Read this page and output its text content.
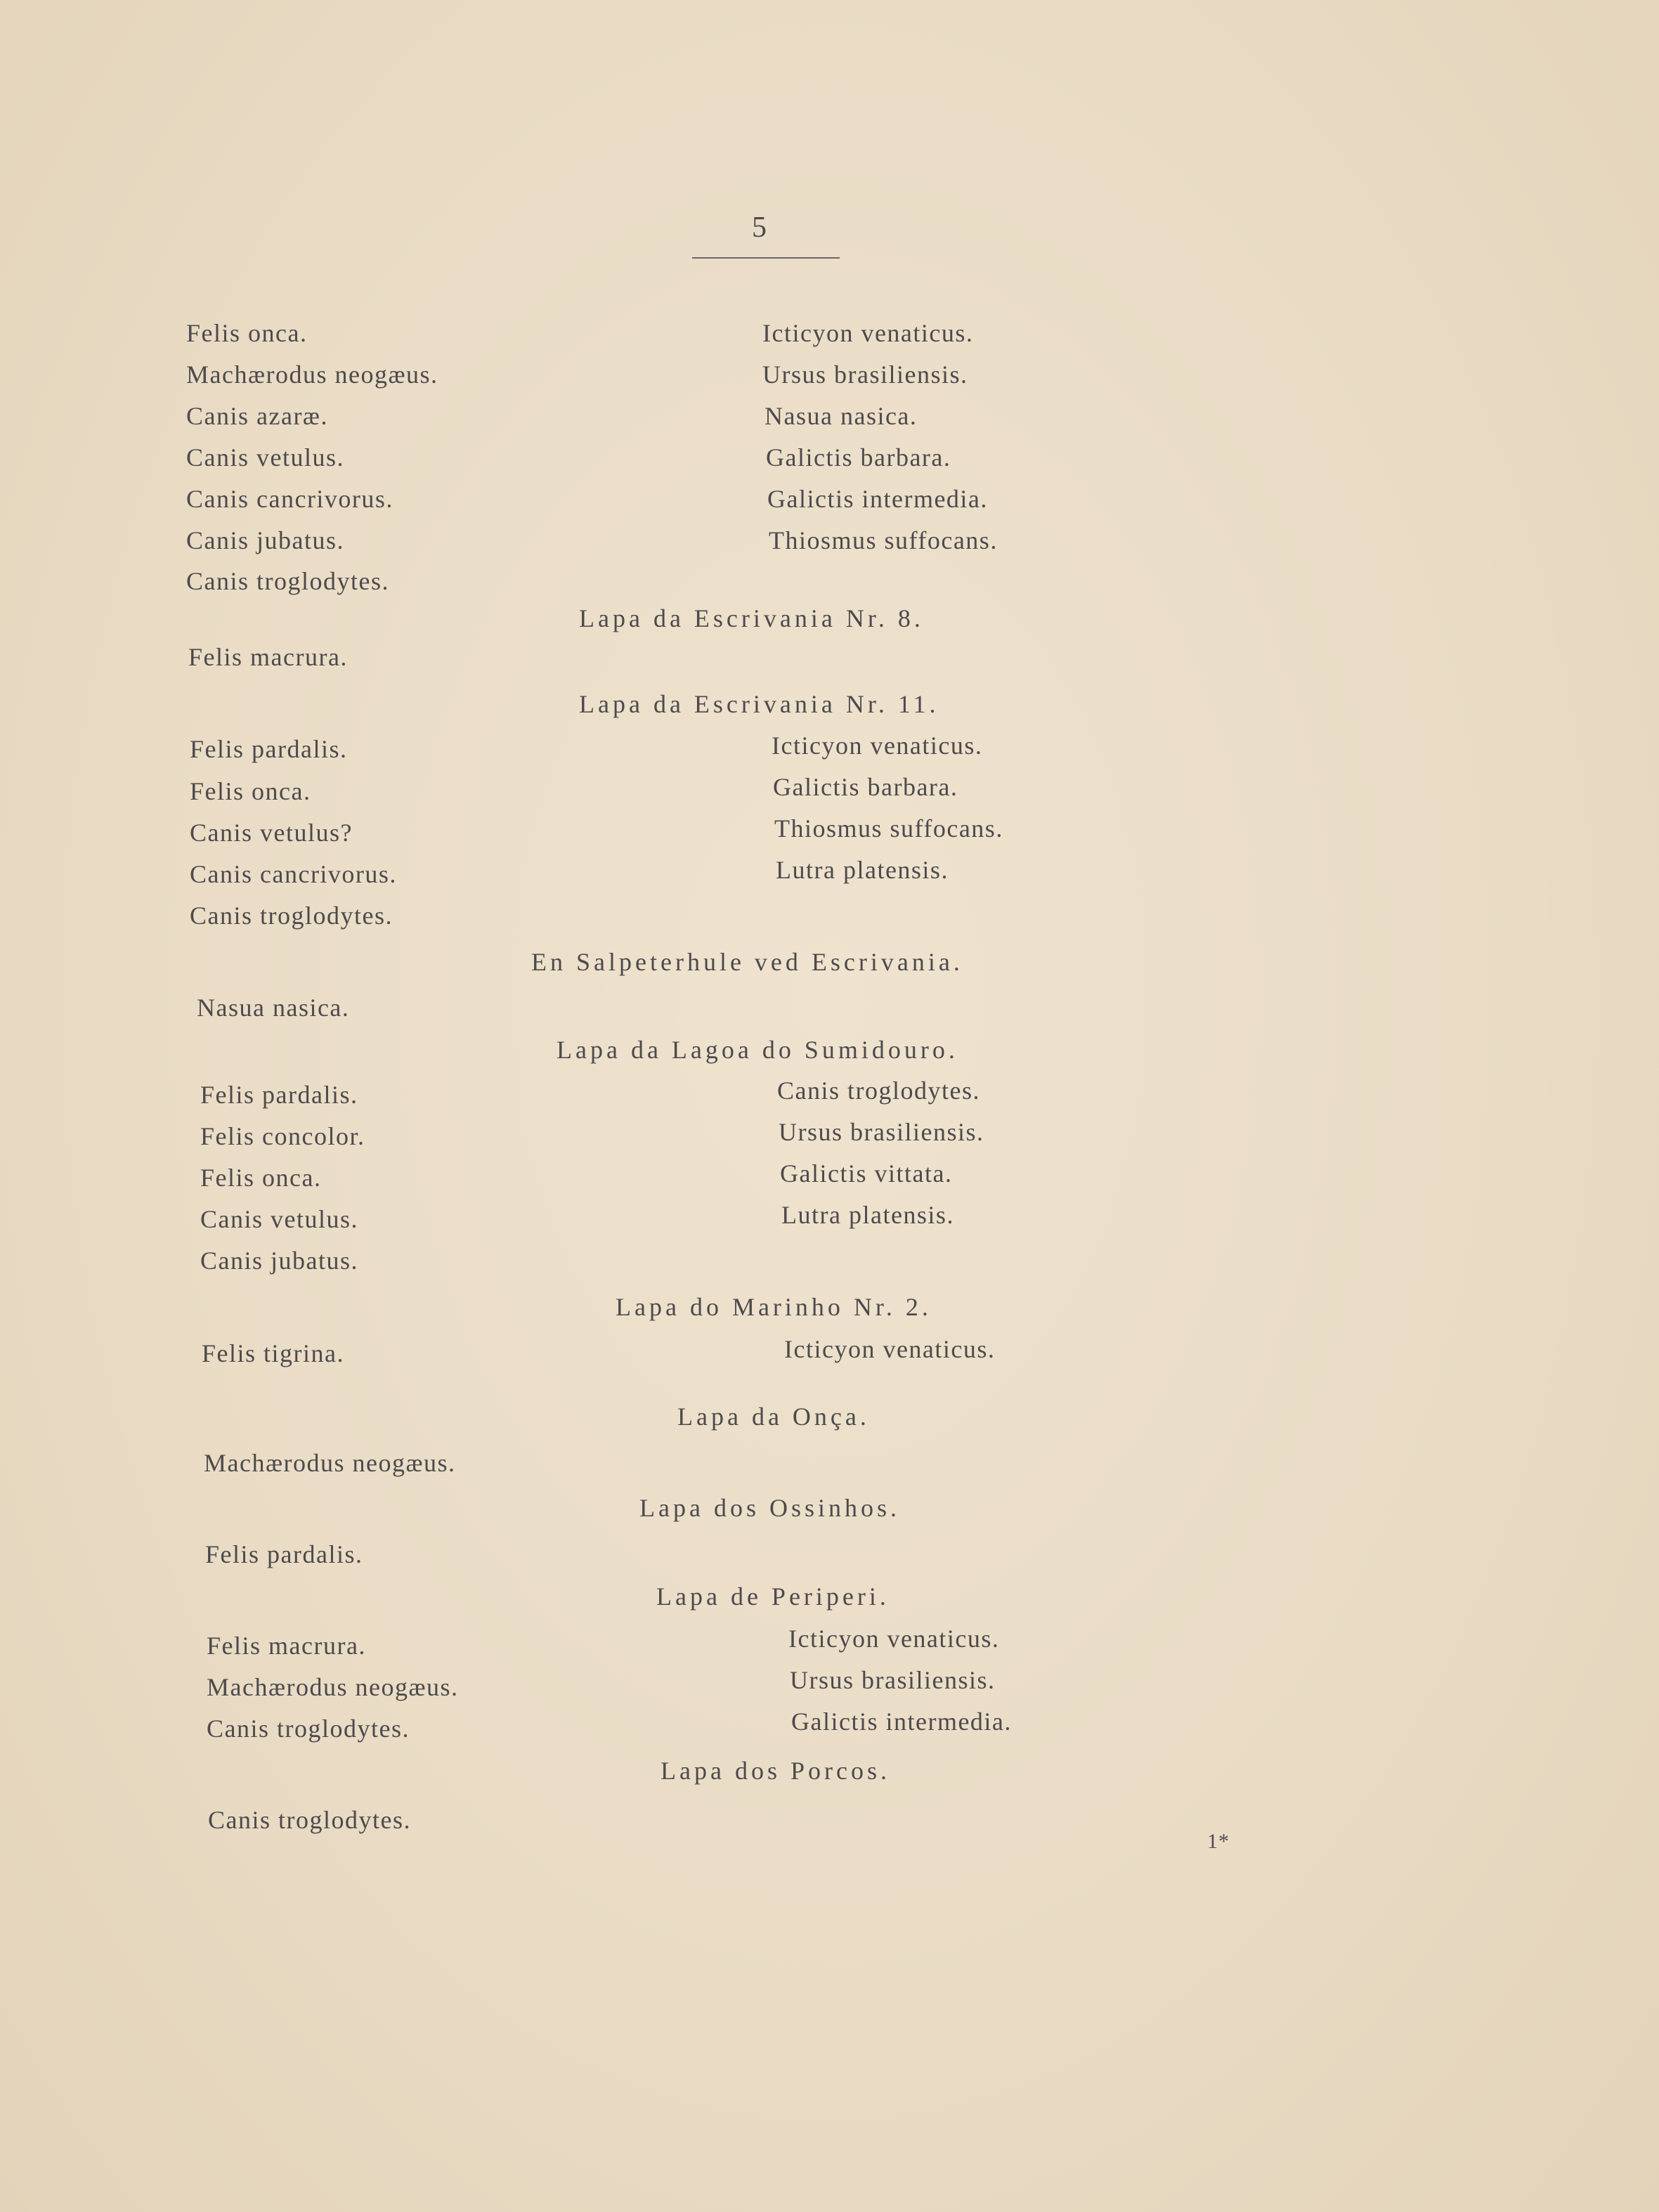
5
Felis onca.
Machærodus neogæus.
Canis azaræ.
Canis vetulus.
Canis cancrivorus.
Canis jubatus.
Canis troglodytes.
Felis macrura.
Felis pardalis.
Felis onca.
Canis vetulus?
Canis cancrivorus.
Canis troglodytes.
Nasua nasica.
Felis pardalis.
Felis concolor.
Felis onca.
Canis vetulus.
Canis jubatus.
Felis tigrina.
Machærodus neogæus.
Felis pardalis.
Felis macrura.
Machærodus neogæus.
Canis troglodytes.
Canis troglodytes.
Icticyon venaticus.
Ursus brasiliensis.
Nasua nasica.
Galictis barbara.
Galictis intermedia.
Thiosmus suffocans.
Lapa da Escrivania Nr. 8.
Lapa da Escrivania Nr. 11.
Icticyon venaticus.
Galictis barbara.
Thiosmus suffocans.
Lutra platensis.
En Salpeterhule ved Escrivania.
Lapa da Lagoa do Sumidouro.
Canis troglodytes.
Ursus brasiliensis.
Galictis vittata.
Lutra platensis.
Lapa do Marinho Nr. 2.
Icticyon venaticus.
Lapa da Onça.
Lapa dos Ossinhos.
Lapa de Periperi.
Icticyon venaticus.
Ursus brasiliensis.
Galictis intermedia.
Lapa dos Porcos.
1*
